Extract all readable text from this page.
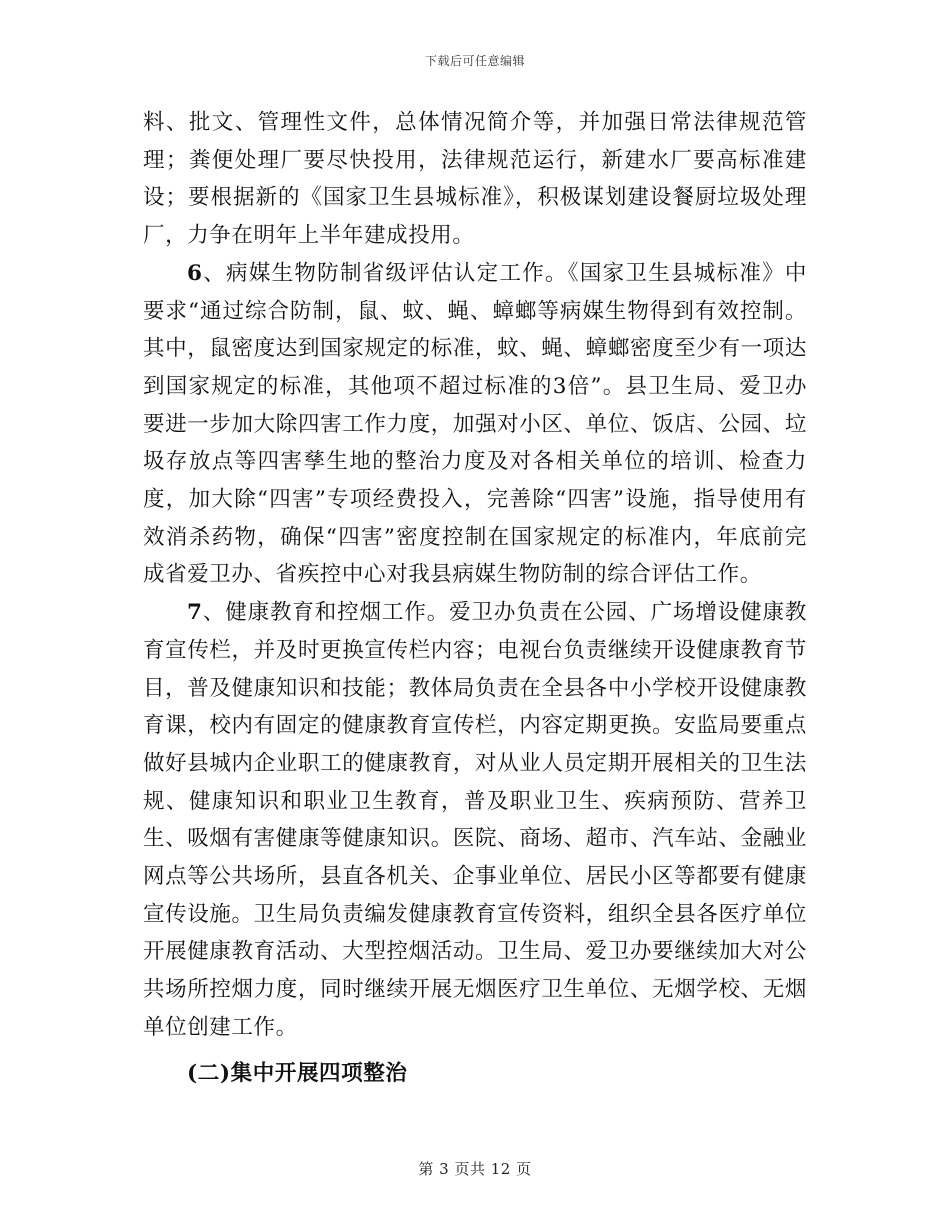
下载后可任意编辑

料、批文、管理性文件，总体情况简介等，并加强日常法律规范管理；粪便处理厂要尽快投用，法律规范运行，新建水厂要高标准建设；要根据新的《国家卫生县城标准》，积极谋划建设餐厨垃圾处理厂，力争在明年上半年建成投用。

6、病媒生物防制省级评估认定工作。《国家卫生县城标准》中要求“通过综合防制，鼠、蚊、蝇、蟑螂等病媒生物得到有效控制。其中，鼠密度达到国家规定的标准，蚊、蝇、蟑螂密度至少有一项达到国家规定的标准，其他项不超过标准的3倍”。县卫生局、爱卫办要进一步加大除四害工作力度，加强对小区、单位、饭店、公园、垃圾存放点等四害孳生地的整治力度及对各相关单位的培训、检查力度，加大除“四害”专项经费投入，完善除“四害”设施，指导使用有效消杀药物，确保“四害”密度控制在国家规定的标准内，年底前完成省爱卫办、省疾控中心对我县病媒生物防制的综合评估工作。

7、健康教育和控烟工作。爱卫办负责在公园、广场增设健康教育宣传栏，并及时更换宣传栏内容；电视台负责继续开设健康教育节目，普及健康知识和技能；教体局负责在全县各中小学校开设健康教育课，校内有固定的健康教育宣传栏，内容定期更换。安监局要重点做好县城内企业职工的健康教育，对从业人员定期开展相关的卫生法规、健康知识和职业卫生教育，普及职业卫生、疾病预防、营养卫生、吸烟有害健康等健康知识。医院、商场、超市、汽车站、金融业网点等公共场所，县直各机关、企事业单位、居民小区等都要有健康宣传设施。卫生局负责编发健康教育宣传资料，组织全县各医疗单位开展健康教育活动、大型控烟活动。卫生局、爱卫办要继续加大对公共场所控烟力度，同时继续开展无烟医疗卫生单位、无烟学校、无烟单位创建工作。

(二)集中开展四项整治

第 3 页共 12 页
